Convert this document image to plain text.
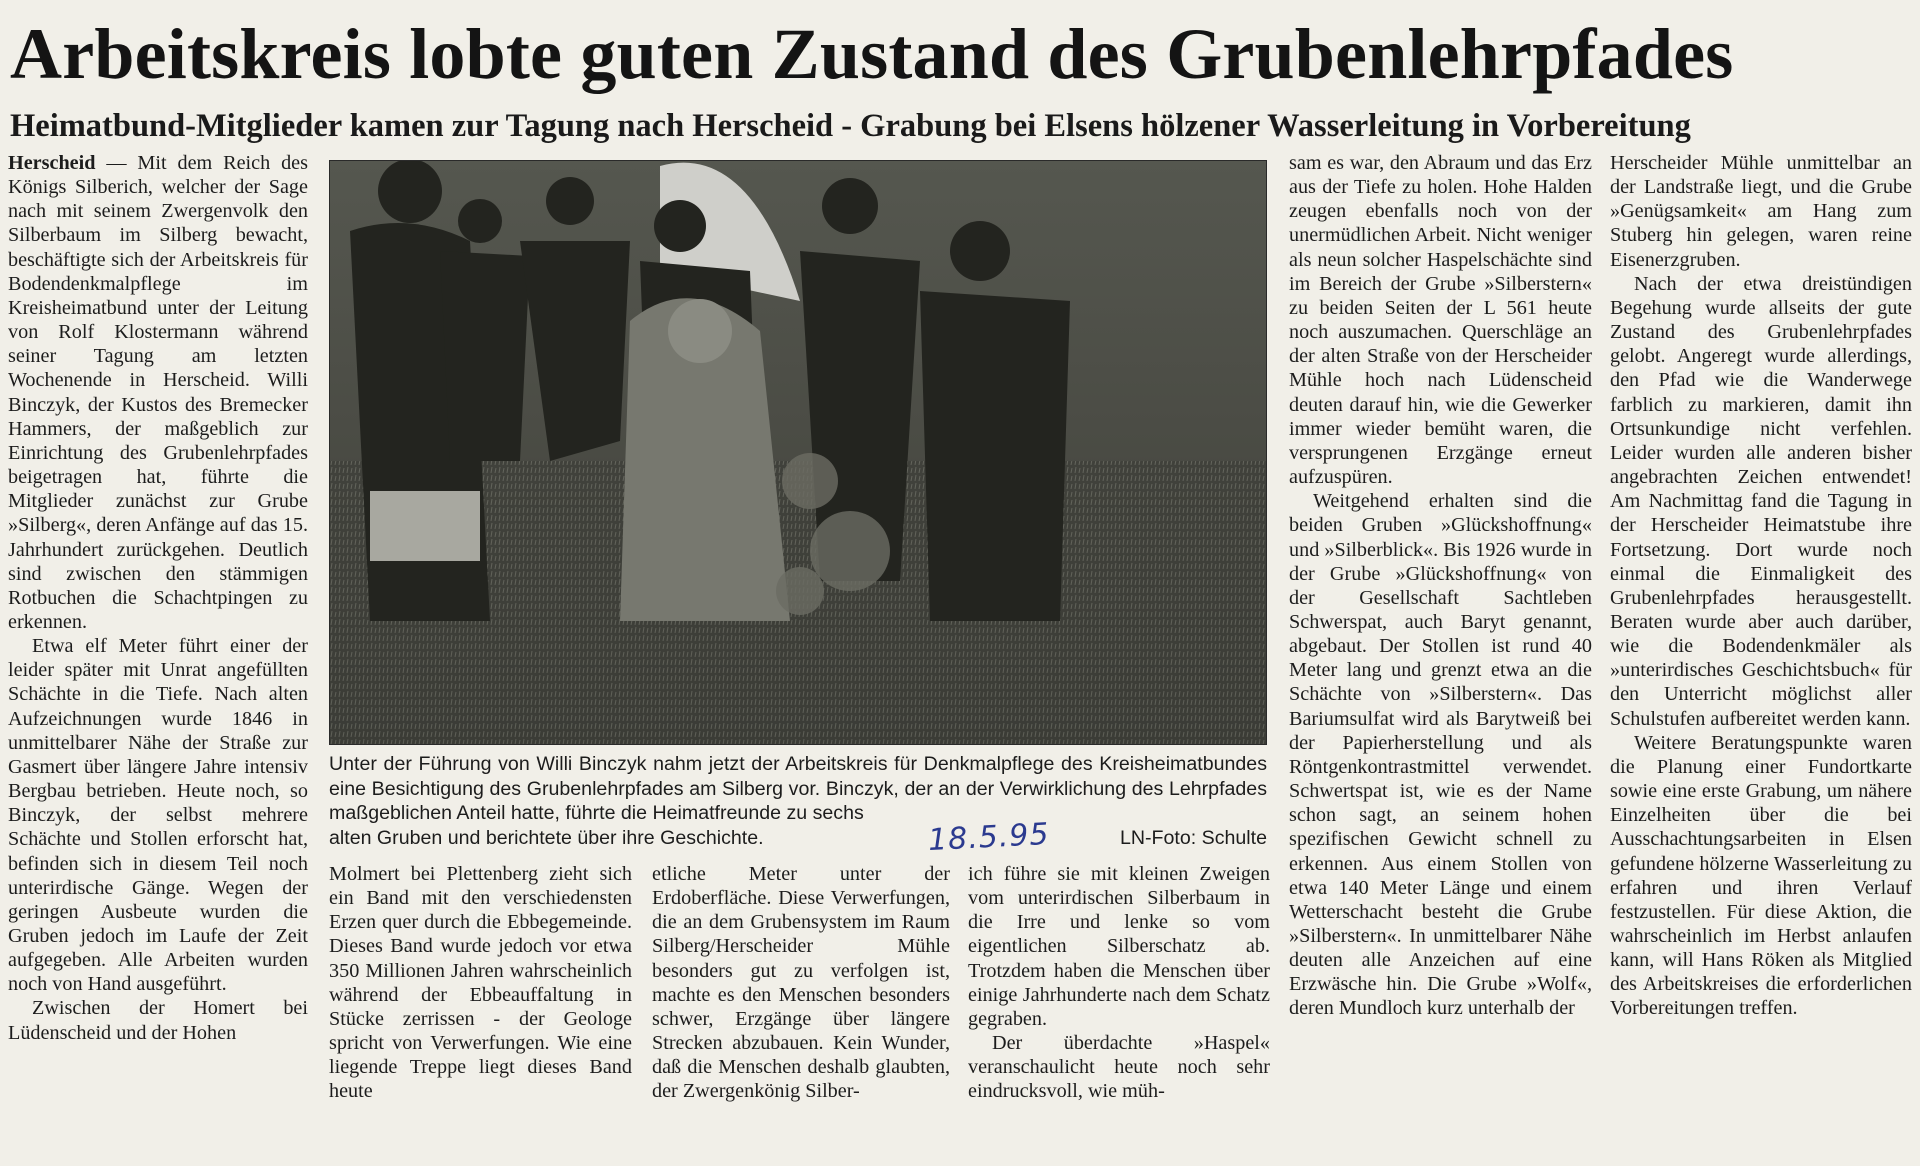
Arbeitskreis lobte guten Zustand des Grubenlehrpfades
Heimatbund-Mitglieder kamen zur Tagung nach Herscheid - Grabung bei Elsens hölzener Wasserleitung in Vorbereitung

Herscheid — Mit dem Reich des Königs Silberich, welcher der Sage nach mit seinem Zwergenvolk den Silberbaum im Silberg bewacht, beschäftigte sich der Arbeitskreis für Bodendenkmalpflege im Kreisheimatbund unter der Leitung von Rolf Klostermann während seiner Tagung am letzten Wochenende in Herscheid. Willi Binczyk, der Kustos des Bremecker Hammers, der maßgeblich zur Einrichtung des Grubenlehrpfades beigetragen hat, führte die Mitglieder zunächst zur Grube »Silberg«, deren Anfänge auf das 15. Jahrhundert zurückgehen. Deutlich sind zwischen den stämmigen Rotbuchen die Schachtpingen zu erkennen.

Etwa elf Meter führt einer der leider später mit Unrat angefüllten Schächte in die Tiefe. Nach alten Aufzeichnungen wurde 1846 in unmittelbarer Nähe der Straße zur Gasmert über längere Jahre intensiv Bergbau betrieben. Heute noch, so Binczyk, der selbst mehrere Schächte und Stollen erforscht hat, befinden sich in diesem Teil noch unterirdische Gänge. Wegen der geringen Ausbeute wurden die Gruben jedoch im Laufe der Zeit aufgegeben. Alle Arbeiten wurden noch von Hand ausgeführt.

Zwischen der Homert bei Lüdenscheid und der Hohen

Unter der Führung von Willi Binczyk nahm jetzt der Arbeitskreis für Denkmalpflege des Kreisheimatbundes eine Besichtigung des Grubenlehrpfades am Silberg vor. Binczyk, der an der Verwirklichung des Lehrpfades maßgeblichen Anteil hatte, führte die Heimatfreunde zu sechs

alten Gruben und berichtete über ihre Geschichte.	LN-Foto: Schulte
18.5.95

Molmert bei Plettenberg zieht sich ein Band mit den verschiedensten Erzen quer durch die Ebbegemeinde. Dieses Band wurde jedoch vor etwa 350 Millionen Jahren wahrscheinlich während der Ebbeauffaltung in Stücke zerrissen - der Geologe spricht von Verwerfungen. Wie eine liegende Treppe liegt dieses Band heute

etliche Meter unter der Erdoberfläche. Diese Verwerfungen, die an dem Grubensystem im Raum Silberg/Herscheider Mühle besonders gut zu verfolgen ist, machte es den Menschen besonders schwer, Erzgänge über längere Strecken abzubauen. Kein Wunder, daß die Menschen deshalb glaubten, der Zwergenkönig Silber-

ich führe sie mit kleinen Zweigen vom unterirdischen Silberbaum in die Irre und lenke so vom eigentlichen Silberschatz ab. Trotzdem haben die Menschen über einige Jahrhunderte nach dem Schatz gegraben.

Der überdachte »Haspel« veranschaulicht heute noch sehr eindrucksvoll, wie müh-

sam es war, den Abraum und das Erz aus der Tiefe zu holen. Hohe Halden zeugen ebenfalls noch von der unermüdlichen Arbeit. Nicht weniger als neun solcher Haspelschächte sind im Bereich der Grube »Silberstern« zu beiden Seiten der L 561 heute noch auszumachen. Querschläge an der alten Straße von der Herscheider Mühle hoch nach Lüdenscheid deuten darauf hin, wie die Gewerker immer wieder bemüht waren, die versprungenen Erzgänge erneut aufzuspüren.

Weitgehend erhalten sind die beiden Gruben »Glückshoffnung« und »Silberblick«. Bis 1926 wurde in der Grube »Glückshoffnung« von der Gesellschaft Sachtleben Schwerspat, auch Baryt genannt, abgebaut. Der Stollen ist rund 40 Meter lang und grenzt etwa an die Schächte von »Silberstern«. Das Bariumsulfat wird als Barytweiß bei der Papierherstellung und als Röntgenkontrastmittel verwendet. Schwertspat ist, wie es der Name schon sagt, an seinem hohen spezifischen Gewicht schnell zu erkennen. Aus einem Stollen von etwa 140 Meter Länge und einem Wetterschacht besteht die Grube »Silberstern«. In unmittelbarer Nähe deuten alle Anzeichen auf eine Erzwäsche hin. Die Grube »Wolf«, deren Mundloch kurz unterhalb der

Herscheider Mühle unmittelbar an der Landstraße liegt, und die Grube »Genügsamkeit« am Hang zum Stuberg hin gelegen, waren reine Eisenerzgruben.

Nach der etwa dreistündigen Begehung wurde allseits der gute Zustand des Grubenlehrpfades gelobt. Angeregt wurde allerdings, den Pfad wie die Wanderwege farblich zu markieren, damit ihn Ortsunkundige nicht verfehlen. Leider wurden alle anderen bisher angebrachten Zeichen entwendet! Am Nachmittag fand die Tagung in der Herscheider Heimatstube ihre Fortsetzung. Dort wurde noch einmal die Einmaligkeit des Grubenlehrpfades herausgestellt. Beraten wurde aber auch darüber, wie die Bodendenkmäler als »unterirdisches Geschichtsbuch« für den Unterricht möglichst aller Schulstufen aufbereitet werden kann.

Weitere Beratungspunkte waren die Planung einer Fundortkarte sowie eine erste Grabung, um nähere Einzelheiten über die bei Ausschachtungsarbeiten in Elsen gefundene hölzerne Wasserleitung zu erfahren und ihren Verlauf festzustellen. Für diese Aktion, die wahrscheinlich im Herbst anlaufen kann, will Hans Röken als Mitglied des Arbeitskreises die erforderlichen Vorbereitungen treffen.
